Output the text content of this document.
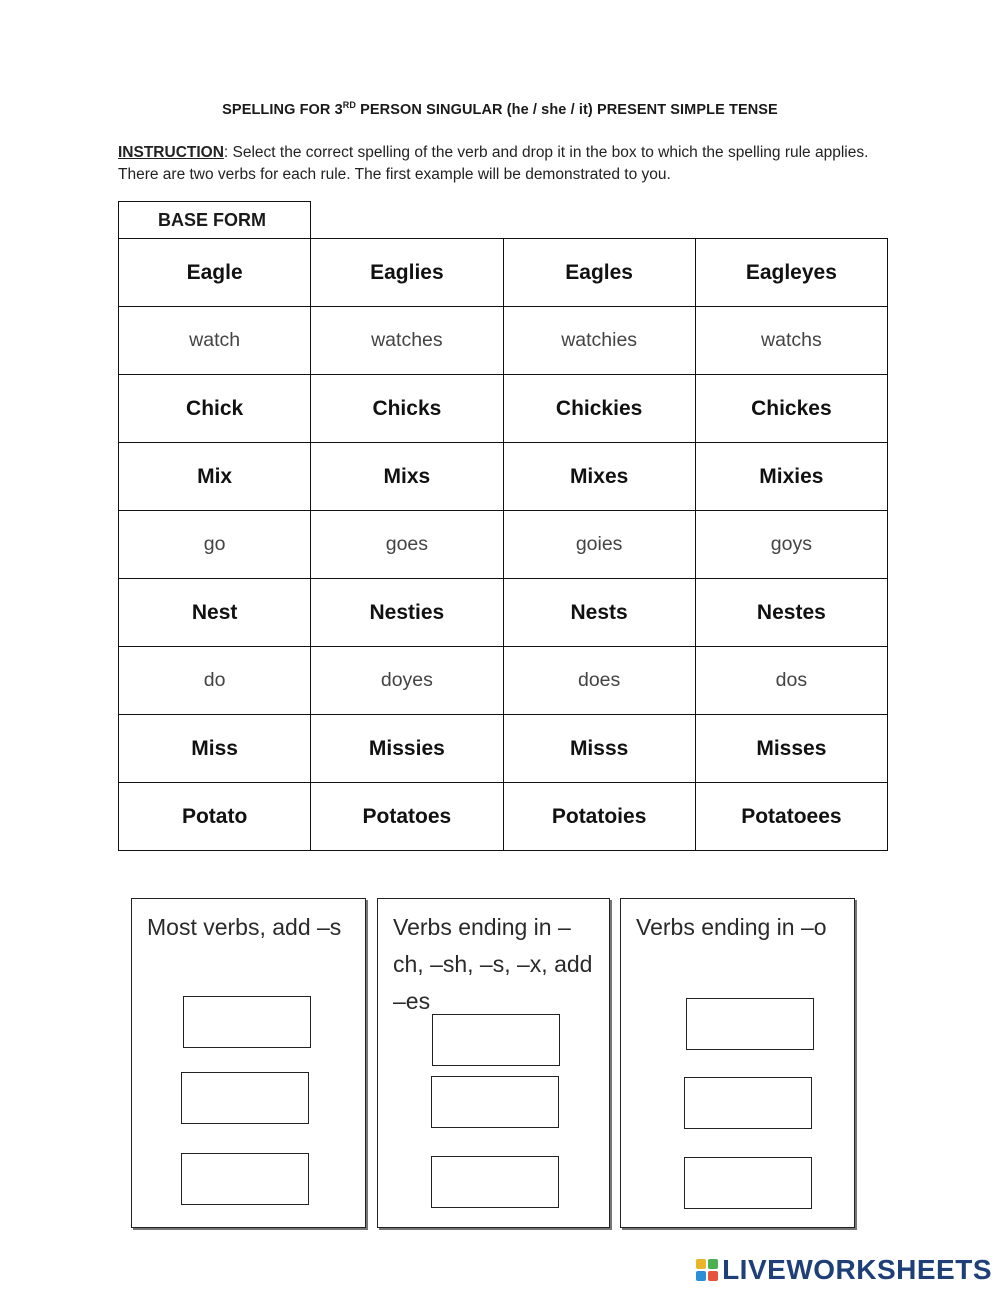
SPELLING FOR 3RD PERSON SINGULAR (he / she / it) PRESENT SIMPLE TENSE
INSTRUCTION: Select the correct spelling of the verb and drop it in the box to which the spelling rule applies. There are two verbs for each rule. The first example will be demonstrated to you.
BASE FORM
Eagle	Eaglies	Eagles	Eagleyes
watch	watches	watchies	watchs
Chick	Chicks	Chickies	Chickes
Mix	Mixs	Mixes	Mixies
go	goes	goies	goys
Nest	Nesties	Nests	Nestes
do	doyes	does	dos
Miss	Missies	Misss	Misses
Potato	Potatoes	Potatoies	Potatoees
Most verbs, add –s	Verbs ending in –ch, –sh, –s, –x, add –es
Verbs ending in –o
LIVEWORKSHEETS
